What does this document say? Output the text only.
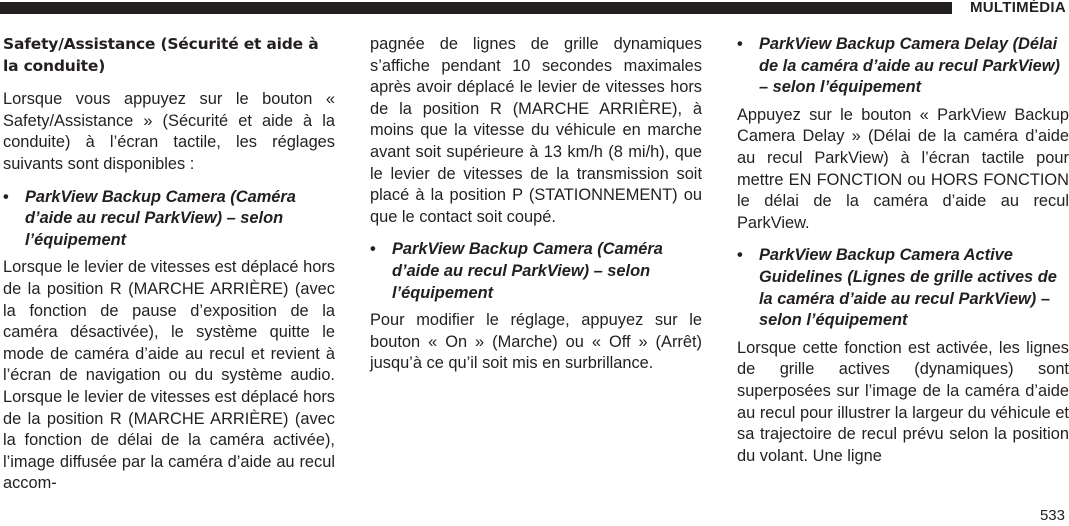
MULTIMÉDIA
Safety/Assistance (Sécurité et aide à la conduite)

Lorsque vous appuyez sur le bouton « Safety/Assistance » (Sécurité et aide à la conduite) à l’écran tactile, les réglages suivants sont disponibles :

• ParkView Backup Camera (Caméra d’aide au recul ParkView) – selon l’équipement

Lorsque le levier de vitesses est déplacé hors de la position R (MARCHE ARRIÈRE) (avec la fonction de pause d’exposition de la caméra désactivée), le système quitte le mode de caméra d’aide au recul et revient à l’écran de navigation ou du système audio. Lorsque le levier de vitesses est déplacé hors de la position R (MARCHE ARRIÈRE) (avec la fonction de délai de la caméra activée), l’image diffusée par la caméra d’aide au recul accom-

pagnée de lignes de grille dynamiques s’affiche pendant 10 secondes maximales après avoir déplacé le levier de vitesses hors de la position R (MARCHE ARRIÈRE), à moins que la vitesse du véhicule en marche avant soit supérieure à 13 km/h (8 mi/h), que le levier de vitesses de la transmission soit placé à la position P (STATIONNEMENT) ou que le contact soit coupé.

• ParkView Backup Camera (Caméra d’aide au recul ParkView) – selon l’équipement

Pour modifier le réglage, appuyez sur le bouton « On » (Marche) ou « Off » (Arrêt) jusqu’à ce qu’il soit mis en surbrillance.

• ParkView Backup Camera Delay (Délai de la caméra d’aide au recul ParkView) – selon l’équipement

Appuyez sur le bouton « ParkView Backup Camera Delay » (Délai de la caméra d’aide au recul ParkView) à l’écran tactile pour mettre EN FONCTION ou HORS FONCTION le délai de la caméra d’aide au recul ParkView.

• ParkView Backup Camera Active Guidelines (Lignes de grille actives de la caméra d’aide au recul ParkView) – selon l’équipement

Lorsque cette fonction est activée, les lignes de grille actives (dynamiques) sont superposées sur l’image de la caméra d’aide au recul pour illustrer la largeur du véhicule et sa trajectoire de recul prévu selon la position du volant. Une ligne

533
